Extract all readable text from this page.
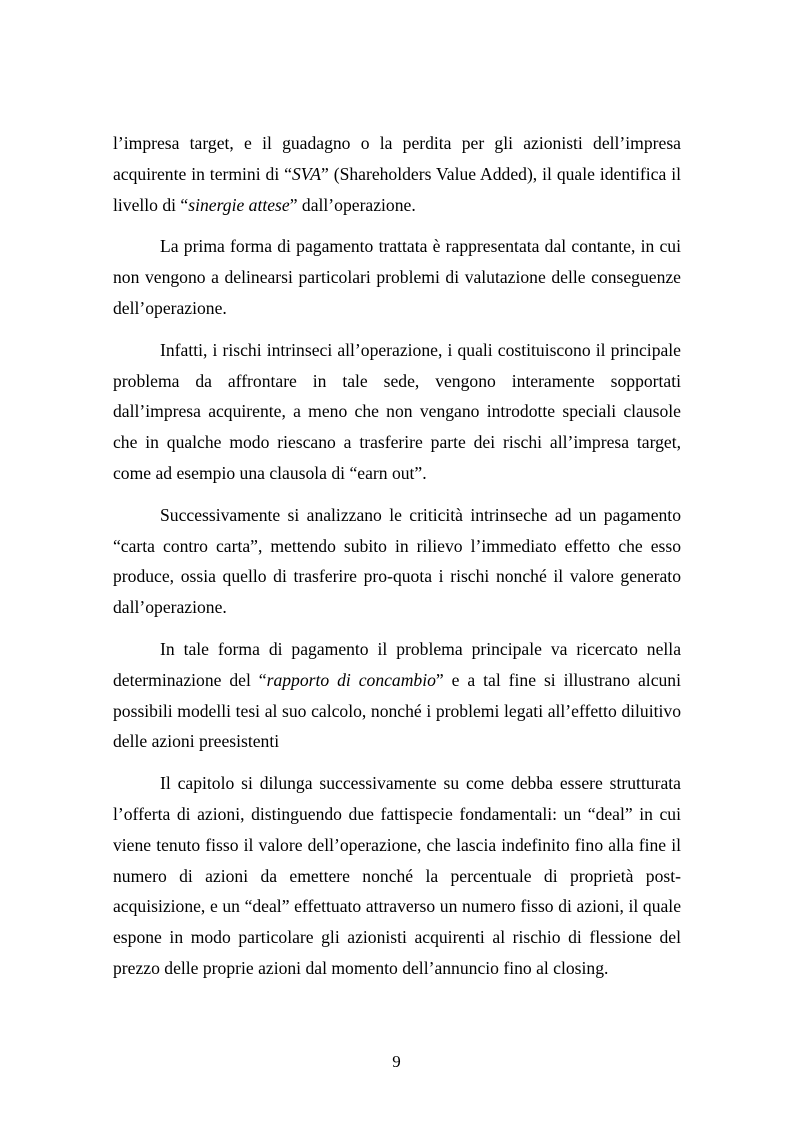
l’impresa target, e il guadagno o la perdita per gli azionisti dell’impresa acquirente in termini di “SVA” (Shareholders Value Added), il quale identifica il livello di “sinergie attese” dall’operazione.

La prima forma di pagamento trattata è rappresentata dal contante, in cui non vengono a delinearsi particolari problemi di valutazione delle conseguenze dell’operazione.

Infatti, i rischi intrinseci all’operazione, i quali costituiscono il principale problema da affrontare in tale sede, vengono interamente sopportati dall’impresa acquirente, a meno che non vengano introdotte speciali clausole che in qualche modo riescano a trasferire parte dei rischi all’impresa target, come ad esempio una clausola di “earn out”.

Successivamente si analizzano le criticità intrinseche ad un pagamento “carta contro carta”, mettendo subito in rilievo l’immediato effetto che esso produce, ossia quello di trasferire pro-quota i rischi nonché il valore generato dall’operazione.

In tale forma di pagamento il problema principale va ricercato nella determinazione del “rapporto di concambio” e a tal fine si illustrano alcuni possibili modelli tesi al suo calcolo, nonché i problemi legati all’effetto diluitivo delle azioni preesistenti

Il capitolo si dilunga successivamente su come debba essere strutturata l’offerta di azioni, distinguendo due fattispecie fondamentali: un “deal” in cui viene tenuto fisso il valore dell’operazione, che lascia indefinito fino alla fine il numero di azioni da emettere nonché la percentuale di proprietà post-acquisizione, e un “deal” effettuato attraverso un numero fisso di azioni, il quale espone in modo particolare gli azionisti acquirenti al rischio di flessione del prezzo delle proprie azioni dal momento dell’annuncio fino al closing.

9
